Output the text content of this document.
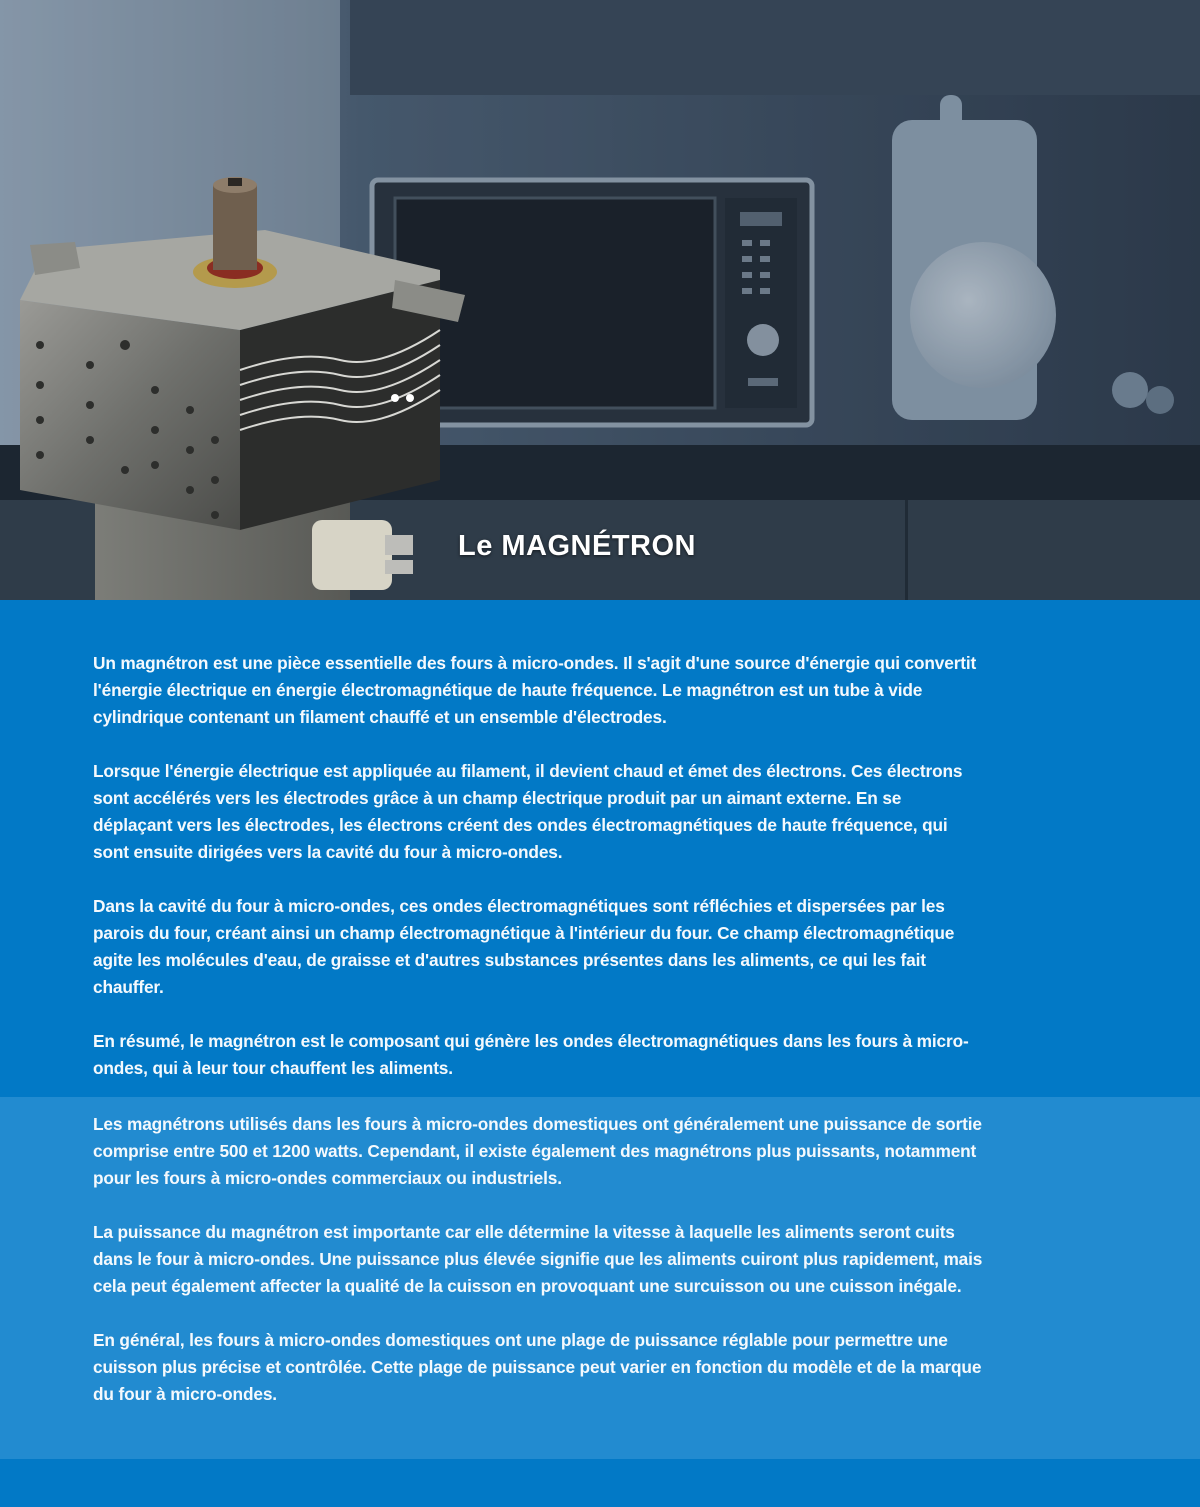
Le MAGNÉTRON

Un magnétron est une pièce essentielle des fours à micro-ondes. Il s'agit d'une source d'énergie qui convertit l'énergie électrique en énergie électromagnétique de haute fréquence. Le magnétron est un tube à vide cylindrique contenant un filament chauffé et un ensemble d'électrodes.

Lorsque l'énergie électrique est appliquée au filament, il devient chaud et émet des électrons. Ces électrons sont accélérés vers les électrodes grâce à un champ électrique produit par un aimant externe. En se déplaçant vers les électrodes, les électrons créent des ondes électromagnétiques de haute fréquence, qui sont ensuite dirigées vers la cavité du four à micro-ondes.

Dans la cavité du four à micro-ondes, ces ondes électromagnétiques sont réfléchies et dispersées par les parois du four, créant ainsi un champ électromagnétique à l'intérieur du four. Ce champ électromagnétique agite les molécules d'eau, de graisse et d'autres substances présentes dans les aliments, ce qui les fait chauffer.

En résumé, le magnétron est le composant qui génère les ondes électromagnétiques dans les fours à micro-ondes, qui à leur tour chauffent les aliments.

Les magnétrons utilisés dans les fours à micro-ondes domestiques ont généralement une puissance de sortie comprise entre 500 et 1200 watts. Cependant, il existe également des magnétrons plus puissants, notamment pour les fours à micro-ondes commerciaux ou industriels.

La puissance du magnétron est importante car elle détermine la vitesse à laquelle les aliments seront cuits dans le four à micro-ondes. Une puissance plus élevée signifie que les aliments cuiront plus rapidement, mais cela peut également affecter la qualité de la cuisson en provoquant une surcuisson ou une cuisson inégale.

En général, les fours à micro-ondes domestiques ont une plage de puissance réglable pour permettre une cuisson plus précise et contrôlée. Cette plage de puissance peut varier en fonction du modèle et de la marque du four à micro-ondes.
